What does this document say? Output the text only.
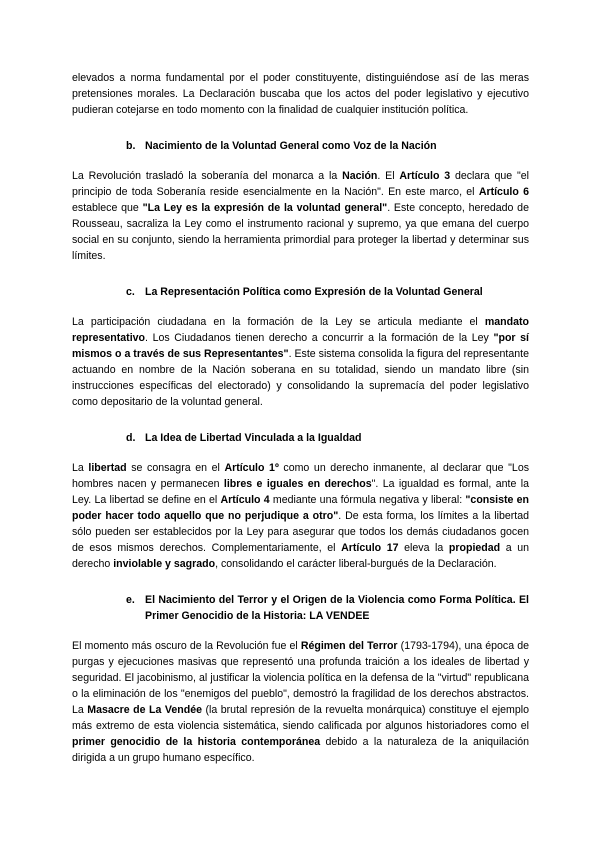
elevados a norma fundamental por el poder constituyente, distinguiéndose así de las meras pretensiones morales. La Declaración buscaba que los actos del poder legislativo y ejecutivo pudieran cotejarse en todo momento con la finalidad de cualquier institución política.

b. Nacimiento de la Voluntad General como Voz de la Nación

La Revolución trasladó la soberanía del monarca a la Nación. El Artículo 3 declara que "el principio de toda Soberanía reside esencialmente en la Nación". En este marco, el Artículo 6 establece que "La Ley es la expresión de la voluntad general". Este concepto, heredado de Rousseau, sacraliza la Ley como el instrumento racional y supremo, ya que emana del cuerpo social en su conjunto, siendo la herramienta primordial para proteger la libertad y determinar sus límites.

c. La Representación Política como Expresión de la Voluntad General

La participación ciudadana en la formación de la Ley se articula mediante el mandato representativo. Los Ciudadanos tienen derecho a concurrir a la formación de la Ley "por sí mismos o a través de sus Representantes". Este sistema consolida la figura del representante actuando en nombre de la Nación soberana en su totalidad, siendo un mandato libre (sin instrucciones específicas del electorado) y consolidando la supremacía del poder legislativo como depositario de la voluntad general.

d. La Idea de Libertad Vinculada a la Igualdad

La libertad se consagra en el Artículo 1º como un derecho inmanente, al declarar que "Los hombres nacen y permanecen libres e iguales en derechos". La igualdad es formal, ante la Ley. La libertad se define en el Artículo 4 mediante una fórmula negativa y liberal: "consiste en poder hacer todo aquello que no perjudique a otro". De esta forma, los límites a la libertad sólo pueden ser establecidos por la Ley para asegurar que todos los demás ciudadanos gocen de esos mismos derechos. Complementariamente, el Artículo 17 eleva la propiedad a un derecho inviolable y sagrado, consolidando el carácter liberal-burgués de la Declaración.

e. El Nacimiento del Terror y el Origen de la Violencia como Forma Política. El Primer Genocidio de la Historia: LA VENDEE

El momento más oscuro de la Revolución fue el Régimen del Terror (1793-1794), una época de purgas y ejecuciones masivas que representó una profunda traición a los ideales de libertad y seguridad. El jacobinismo, al justificar la violencia política en la defensa de la "virtud" republicana o la eliminación de los "enemigos del pueblo", demostró la fragilidad de los derechos abstractos. La Masacre de La Vendée (la brutal represión de la revuelta monárquica) constituye el ejemplo más extremo de esta violencia sistemática, siendo calificada por algunos historiadores como el primer genocidio de la historia contemporánea debido a la naturaleza de la aniquilación dirigida a un grupo humano específico.
